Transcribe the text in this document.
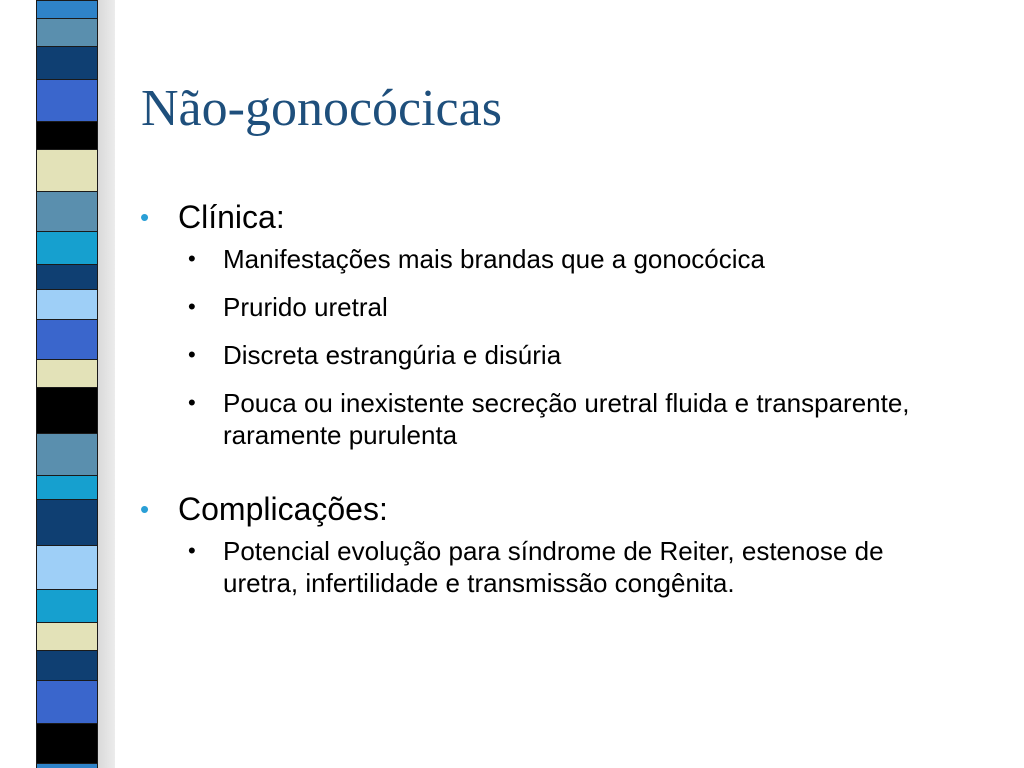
Não-gonocócicas
• Clínica:
• Manifestações mais brandas que a gonocócica
• Prurido uretral
• Discreta estrangúria e disúria
• Pouca ou inexistente secreção uretral fluida e transparente, raramente purulenta
• Complicações:
• Potencial evolução para síndrome de Reiter, estenose de uretra, infertilidade e transmissão congênita.
